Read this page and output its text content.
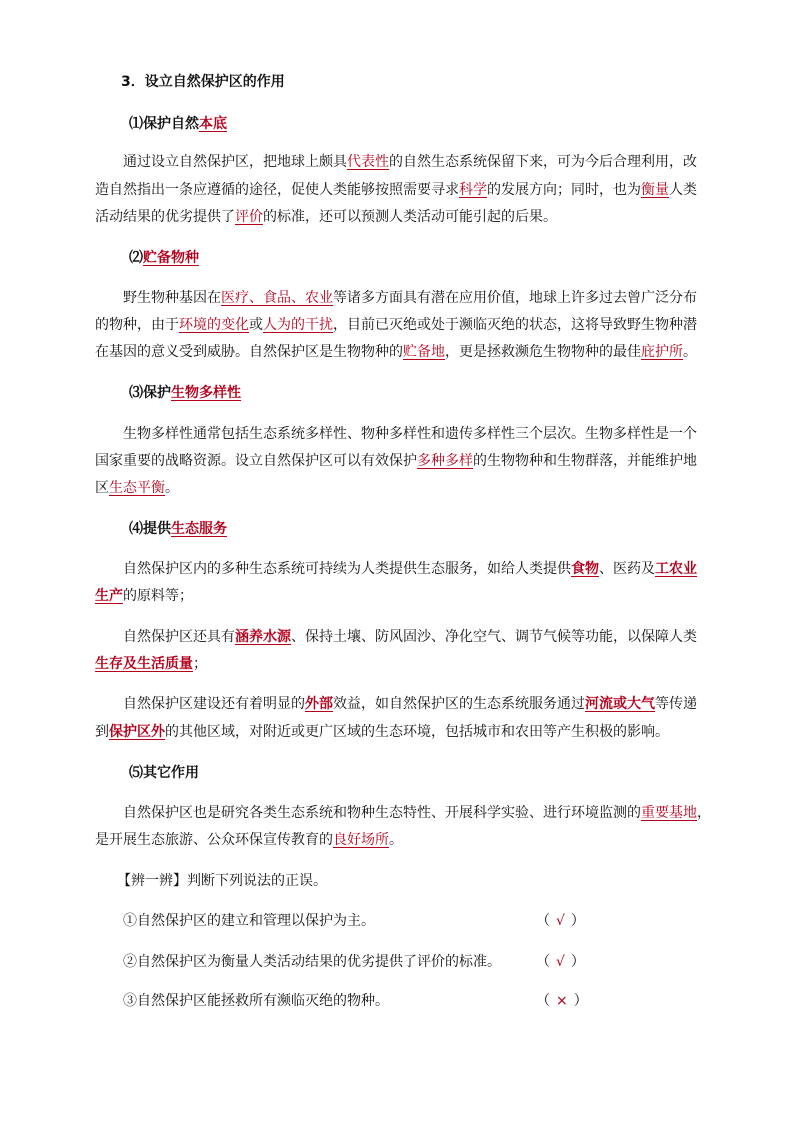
3．设立自然保护区的作用
⑴保护自然本底
通过设立自然保护区，把地球上颇具代表性的自然生态系统保留下来，可为今后合理利用，改
造自然指出一条应遵循的途径，促使人类能够按照需要寻求科学的发展方向；同时，也为衡量人类
活动结果的优劣提供了评价的标准，还可以预测人类活动可能引起的后果。
⑵贮备物种
野生物种基因在医疗、食品、农业等诸多方面具有潜在应用价值，地球上许多过去曾广泛分布
的物种，由于环境的变化或人为的干扰，目前已灭绝或处于濒临灭绝的状态，这将导致野生物种潜
在基因的意义受到威胁。自然保护区是生物物种的贮备地，更是拯救濒危生物物种的最佳庇护所。
⑶保护生物多样性
生物多样性通常包括生态系统多样性、物种多样性和遗传多样性三个层次。生物多样性是一个
国家重要的战略资源。设立自然保护区可以有效保护多种多样的生物物种和生物群落，并能维护地
区生态平衡。
⑷提供生态服务
自然保护区内的多种生态系统可持续为人类提供生态服务，如给人类提供食物、医药及工农业
生产的原料等；
自然保护区还具有涵养水源、保持土壤、防风固沙、净化空气、调节气候等功能，以保障人类
生存及生活质量；
自然保护区建设还有着明显的外部效益，如自然保护区的生态系统服务通过河流或大气等传递
到保护区外的其他区域，对附近或更广区域的生态环境，包括城市和农田等产生积极的影响。
⑸其它作用
自然保护区也是研究各类生态系统和物种生态特性、开展科学实验、进行环境监测的重要基地，
是开展生态旅游、公众环保宣传教育的良好场所。
【辨一辨】判断下列说法的正误。
①自然保护区的建立和管理以保护为主。	（ √ ）
②自然保护区为衡量人类活动结果的优劣提供了评价的标准。	（ √ ）
③自然保护区能拯救所有濒临灭绝的物种。	（ × ）
